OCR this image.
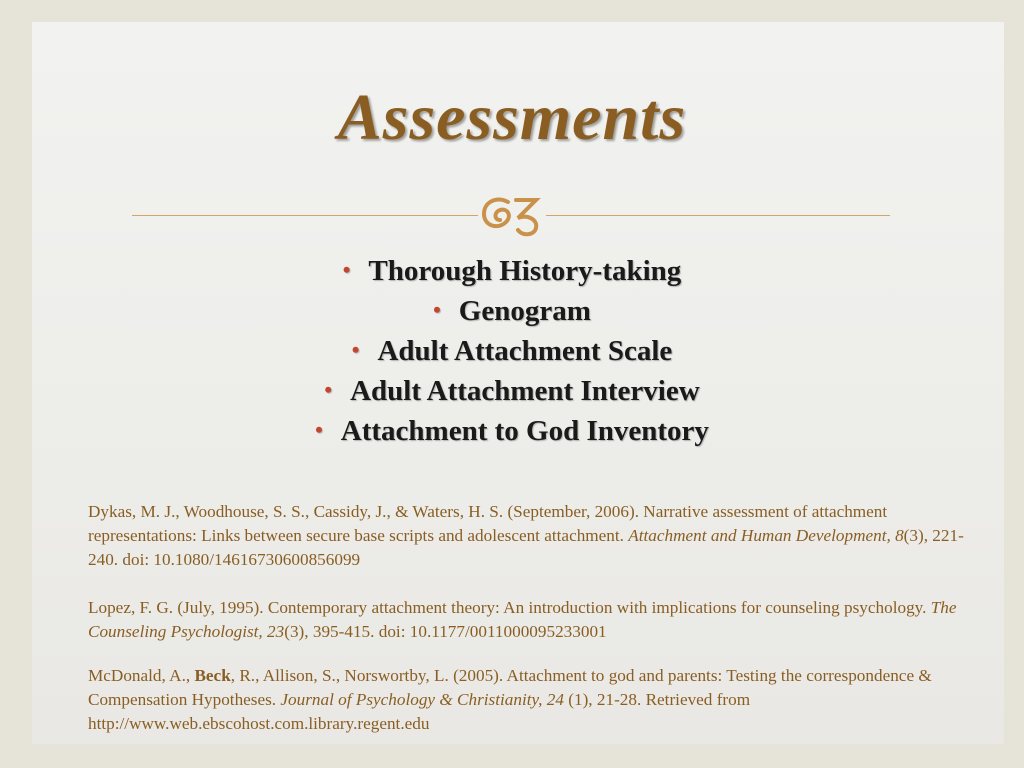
Assessments
• Thorough History-taking
• Genogram
• Adult Attachment Scale
• Adult Attachment Interview
• Attachment to God Inventory

Dykas, M. J., Woodhouse, S. S., Cassidy, J., & Waters, H. S. (September, 2006). Narrative assessment of attachment representations: Links between secure base scripts and adolescent attachment. Attachment and Human Development, 8(3), 221-240. doi: 10.1080/14616730600856099

Lopez, F. G. (July, 1995). Contemporary attachment theory: An introduction with implications for counseling psychology. The Counseling Psychologist, 23(3), 395-415. doi: 10.1177/0011000095233001

McDonald, A., Beck, R., Allison, S., Norswortby, L. (2005). Attachment to god and parents: Testing the correspondence & Compensation Hypotheses. Journal of Psychology & Christianity, 24 (1), 21-28. Retrieved from http://www.web.ebscohost.com.library.regent.edu
